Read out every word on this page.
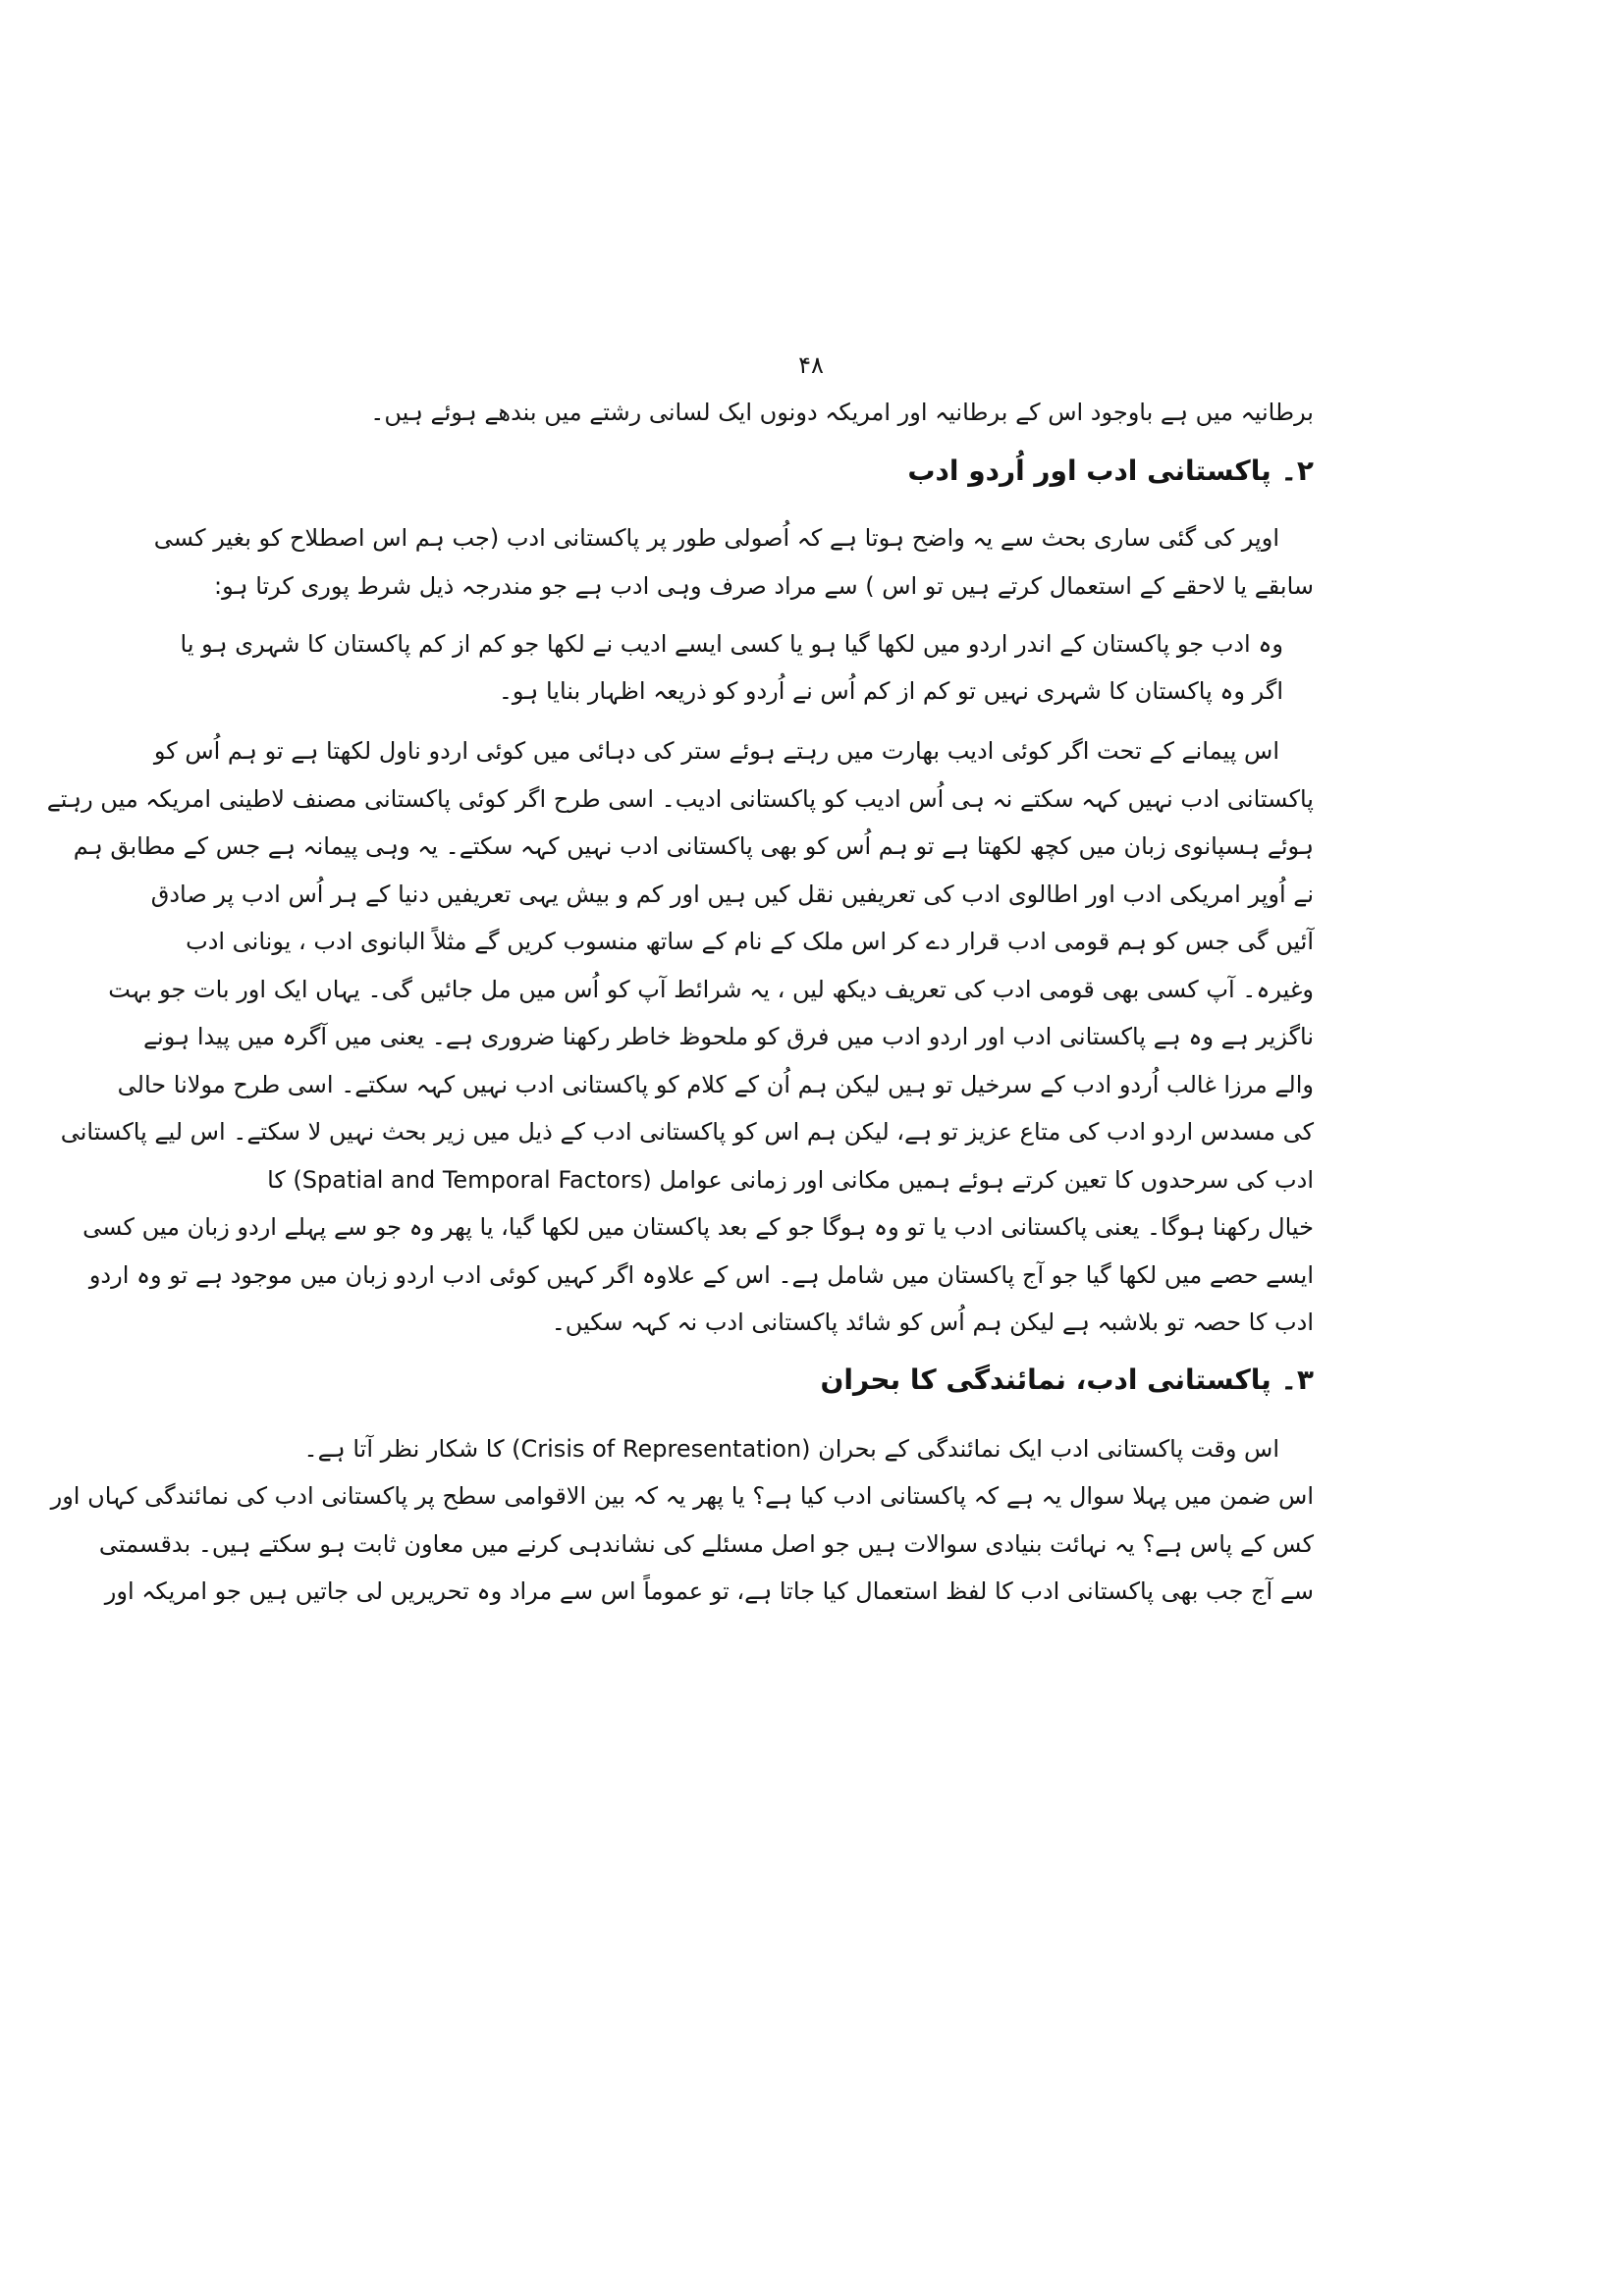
۴۸
برطانیہ میں ہے باوجود اس کے برطانیہ اور امریکہ دونوں ایک لسانی رشتے میں بندھے ہوئے ہیں۔
۲۔ پاکستانی ادب اور اُردو ادب
اوپر کی گئی ساری بحث سے یہ واضح ہوتا ہے کہ اُصولی طور پر پاکستانی ادب (جب ہم اس اصطلاح کو بغیر کسی
سابقے یا لاحقے کے استعمال کرتے ہیں تو اس ) سے مراد صرف وہی ادب ہے جو مندرجہ ذیل شرط پوری کرتا ہو:
وہ ادب جو پاکستان کے اندر اردو میں لکھا گیا ہو یا کسی ایسے ادیب نے لکھا جو کم از کم پاکستان کا شہری ہو یا
اگر وہ پاکستان کا شہری نہیں تو کم از کم اُس نے اُردو کو ذریعہ اظہار بنایا ہو۔
اس پیمانے کے تحت اگر کوئی ادیب بھارت میں رہتے ہوئے ستر کی دہائی میں کوئی اردو ناول لکھتا ہے تو ہم اُس کو
پاکستانی ادب نہیں کہہ سکتے نہ ہی اُس ادیب کو پاکستانی ادیب۔ اسی طرح اگر کوئی پاکستانی مصنف لاطینی امریکہ میں رہتے
ہوئے ہسپانوی زبان میں کچھ لکھتا ہے تو ہم اُس کو بھی پاکستانی ادب نہیں کہہ سکتے۔ یہ وہی پیمانہ ہے جس کے مطابق ہم
نے اُوپر امریکی ادب اور اطالوی ادب کی تعریفیں نقل کیں ہیں اور کم و بیش یہی تعریفیں دنیا کے ہر اُس ادب پر صادق
آئیں گی جس کو ہم قومی ادب قرار دے کر اس ملک کے نام کے ساتھ منسوب کریں گے مثلاً البانوی ادب ، یونانی ادب
وغیرہ۔ آپ کسی بھی قومی ادب کی تعریف دیکھ لیں ، یہ شرائط آپ کو اُس میں مل جائیں گی۔ یہاں ایک اور بات جو بہت
ناگزیر ہے وہ ہے پاکستانی ادب اور اردو ادب میں فرق کو ملحوظ خاطر رکھنا ضروری ہے۔ یعنی میں آگرہ میں پیدا ہونے
والے مرزا غالب اُردو ادب کے سرخیل تو ہیں لیکن ہم اُن کے کلام کو پاکستانی ادب نہیں کہہ سکتے۔ اسی طرح مولانا حالی
کی مسدس اردو ادب کی متاع عزیز تو ہے، لیکن ہم اس کو پاکستانی ادب کے ذیل میں زیر بحث نہیں لا سکتے۔ اس لیے پاکستانی
ادب کی سرحدوں کا تعین کرتے ہوئے ہمیں مکانی اور زمانی عوامل (Spatial and Temporal Factors) کا
خیال رکھنا ہوگا۔ یعنی پاکستانی ادب یا تو وہ ہوگا جو کے بعد پاکستان میں لکھا گیا، یا پھر وہ جو سے پہلے اردو زبان میں کسی
ایسے حصے میں لکھا گیا جو آج پاکستان میں شامل ہے۔ اس کے علاوہ اگر کہیں کوئی ادب اردو زبان میں موجود ہے تو وہ اردو
ادب کا حصہ تو بلاشبہ ہے لیکن ہم اُس کو شائد پاکستانی ادب نہ کہہ سکیں۔
۳۔ پاکستانی ادب، نمائندگی کا بحران
اس وقت پاکستانی ادب ایک نمائندگی کے بحران (Crisis of Representation) کا شکار نظر آتا ہے۔
اس ضمن میں پہلا سوال یہ ہے کہ پاکستانی ادب کیا ہے؟ یا پھر یہ کہ بین الاقوامی سطح پر پاکستانی ادب کی نمائندگی کہاں اور
کس کے پاس ہے؟ یہ نہائت بنیادی سوالات ہیں جو اصل مسئلے کی نشاندہی کرنے میں معاون ثابت ہو سکتے ہیں۔ بدقسمتی
سے آج جب بھی پاکستانی ادب کا لفظ استعمال کیا جاتا ہے، تو عموماً اس سے مراد وہ تحریریں لی جاتیں ہیں جو امریکہ اور
